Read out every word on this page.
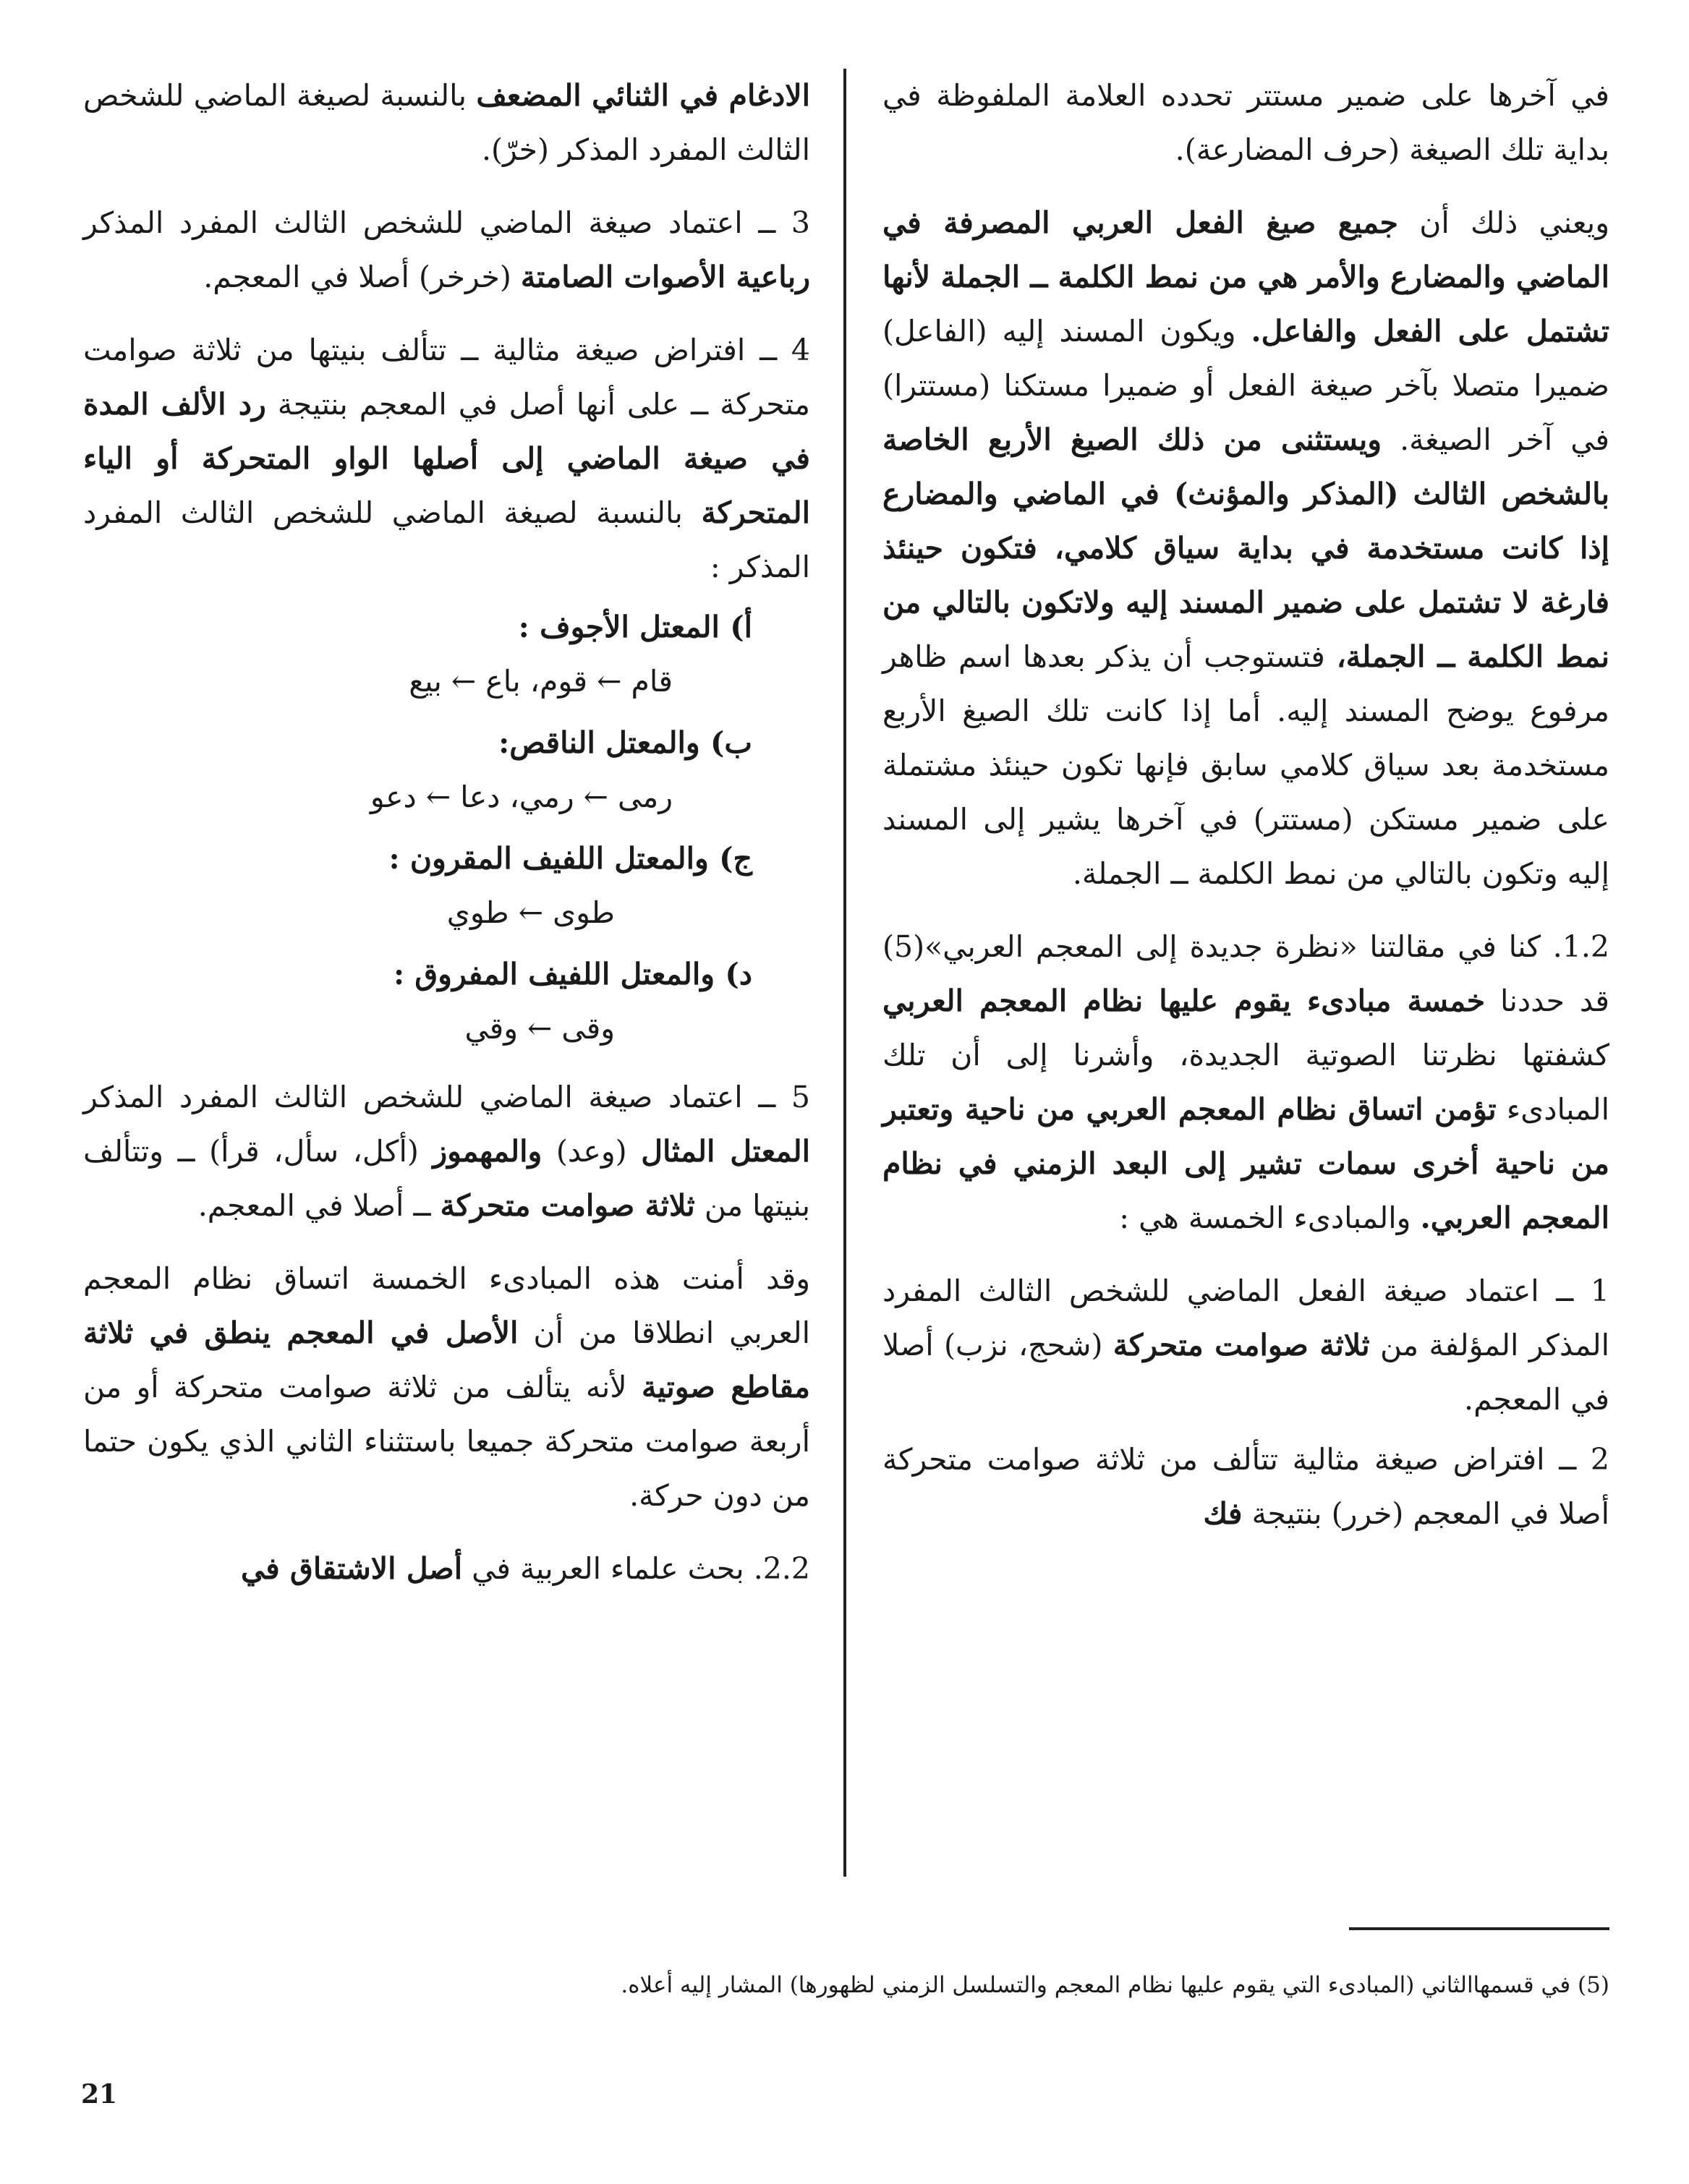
في آخرها على ضمير مستتر تحدده العلامة الملفوظة في بداية تلك الصيغة (حرف المضارعة).

ويعني ذلك أن جميع صيغ الفعل العربي المصرفة في الماضي والمضارع والأمر هي من نمط الكلمة ــ الجملة لأنها تشتمل على الفعل والفاعل. ويكون المسند إليه (الفاعل) ضميرا متصلا بآخر صيغة الفعل أو ضميرا مستكنا (مستترا) في آخر الصيغة. ويستثنى من ذلك الصيغ الأربع الخاصة بالشخص الثالث (المذكر والمؤنث) في الماضي والمضارع إذا كانت مستخدمة في بداية سياق كلامي، فتكون حينئذ فارغة لا تشتمل على ضمير المسند إليه ولاتكون بالتالي من نمط الكلمة ــ الجملة، فتستوجب أن يذكر بعدها اسم ظاهر مرفوع يوضح المسند إليه. أما إذا كانت تلك الصيغ الأربع مستخدمة بعد سياق كلامي سابق فإنها تكون حينئذ مشتملة على ضمير مستكن (مستتر) في آخرها يشير إلى المسند إليه وتكون بالتالي من نمط الكلمة ــ الجملة.

1.2. كنا في مقالتنا «نظرة جديدة إلى المعجم العربي»(5) قد حددنا خمسة مبادىء يقوم عليها نظام المعجم العربي كشفتها نظرتنا الصوتية الجديدة، وأشرنا إلى أن تلك المبادىء تؤمن اتساق نظام المعجم العربي من ناحية وتعتبر من ناحية أخرى سمات تشير إلى البعد الزمني في نظام المعجم العربي. والمبادىء الخمسة هي :

1 ــ اعتماد صيغة الفعل الماضي للشخص الثالث المفرد المذكر المؤلفة من ثلاثة صوامت متحركة (شحج، نزب) أصلا في المعجم.

2 ــ افتراض صيغة مثالية تتألف من ثلاثة صوامت متحركة أصلا في المعجم (خرر) بنتيجة فك

الادغام في الثنائي المضعف بالنسبة لصيغة الماضي للشخص الثالث المفرد المذكر (خرّ).

3 ــ اعتماد صيغة الماضي للشخص الثالث المفرد المذكر رباعية الأصوات الصامتة (خرخر) أصلا في المعجم.

4 ــ افتراض صيغة مثالية ــ تتألف بنيتها من ثلاثة صوامت متحركة ــ على أنها أصل في المعجم بنتيجة رد الألف المدة في صيغة الماضي إلى أصلها الواو المتحركة أو الياء المتحركة بالنسبة لصيغة الماضي للشخص الثالث المفرد المذكر :

أ) المعتل الأجوف :
قام ← قوم، باع ← بيع
ب) والمعتل الناقص:
رمى ← رمي، دعا ← دعو
ج) والمعتل اللفيف المقرون :
طوى ← طوي
د) والمعتل اللفيف المفروق :
وقى ← وقي

5 ــ اعتماد صيغة الماضي للشخص الثالث المفرد المذكر المعتل المثال (وعد) والمهموز (أكل، سأل، قرأ) ــ وتتألف بنيتها من ثلاثة صوامت متحركة ــ أصلا في المعجم.

وقد أمنت هذه المبادىء الخمسة اتساق نظام المعجم العربي انطلاقا من أن الأصل في المعجم ينطق في ثلاثة مقاطع صوتية لأنه يتألف من ثلاثة صوامت متحركة أو من أربعة صوامت متحركة جميعا باستثناء الثاني الذي يكون حتما من دون حركة.

2.2. بحث علماء العربية في أصل الاشتقاق في

(5) في قسمهاالثاني (المبادىء التي يقوم عليها نظام المعجم والتسلسل الزمني لظهورها) المشار إليه أعلاه.
21
